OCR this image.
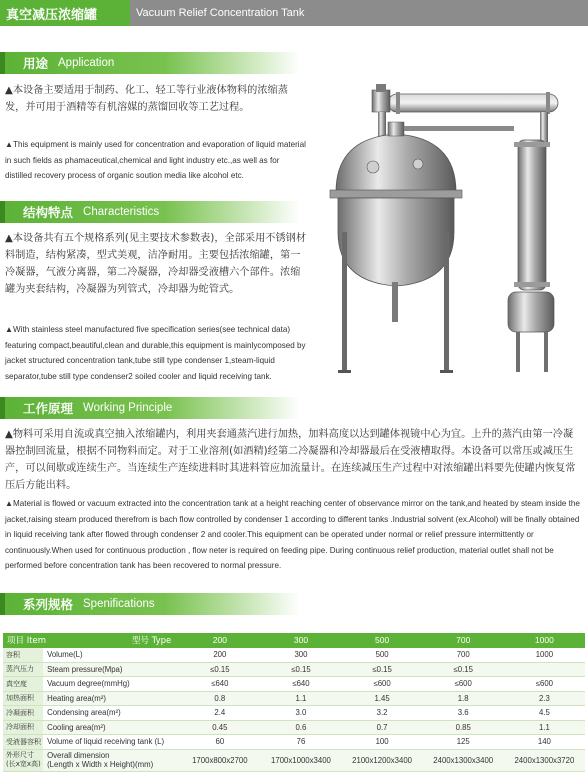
真空减压浓缩罐	Vacuum Relief Concentration Tank
用途 Application
▲本设备主要适用于制药、化工、轻工等行业液体物料的浓缩蒸发，并可用于酒精等有机溶媒的蒸馏回收等工艺过程。
▲This equipment is mainly used for concentration and evaporation of liquid material in such fields as phamaceutical,chemical and light industry etc.,as well as for distilled recovery process of organic soution media like alcohol etc.
结构特点 Characteristics
▲本设备共有五个规格系列(见主要技术参数表)，全部采用不锈钢材料制造，结构紧凑，型式美观，洁净耐用。主要包括浓缩罐，第一冷凝器，气液分离器，第二冷凝器，冷却器受液槽六个部件。浓缩罐为夹套结构，冷凝器为列管式，冷却器为蛇管式。
▲With stainless steel manufactured five specification series(see technical data) featuring compact,beautiful,clean and durable,this equipment is mainlycomposed by jacket structured concentration tank,tube still type condenser 1,steam-liquid separator,tube still type condenser2 soiled cooler and liquid receiving tank.
工作原理 Working Principle
▲物料可采用自流或真空抽入浓缩罐内，利用夹套通蒸汽进行加热，加料高度以达到罐体视镜中心为宜。上升的蒸汽由第一冷凝器控制回流量，根据不同物料而定。对于工业溶剂(如酒精)经第二冷凝器和冷却器最后在受液槽取得。本设备可以常压或减压生产，可以间歇或连续生产。当连续生产连续进料时其进料管应加流量计。在连续减压生产过程中对浓缩罐出料要先使罐内恢复常压后方能出料。
▲Material is flowed or vacuum extracted into the concentration tank at a height reaching center of observance mirror on the tank,and heated by steam inside the jacket,raising steam produced therefrom is bach flow controlled by condenser 1 according to different tanks .Industrial solvent (ex.Alcohol) will be finally obtained in liquid receiving tank after flowed through condenser 2 and cooler.This equipment can be operated under normal or relief pressure intermittently or continuously.When used for continuous production , flow neter is required on feeding pipe. During continuous relief production, material outlet shall not be performed before concentration tank has been recovered to normal pressure.
系列规格 Spenifications
项目 Item 型号 Type		200	300	500	700	1000
容积	Volume(L)	200	300	500	700	1000
蒸汽压力	Steam pressure(Mpa)	≤0.15	≤0.15	≤0.15	≤0.15	
真空度	Vacuum degree(mmHg)	≤640	≤640	≤600	≤600	≤600
加热面积	Heating area(m²)	0.8	1.1	1.45	1.8	2.3
冷凝面积	Condensing area(m²)	2.4	3.0	3.2	3.6	4.5
冷却面积	Cooling area(m²)	0.45	0.6	0.7	0.85	1.1
受液器容积	Volume of liquid receiving tank (L)	60	76	100	125	140
外形尺寸
(长x宽x高)	Overall dimension
(Length x Width x Height)(mm)	1700x800x2700	1700x1000x3400	2100x1200x3400	2400x1300x3400	2400x1300x3720
